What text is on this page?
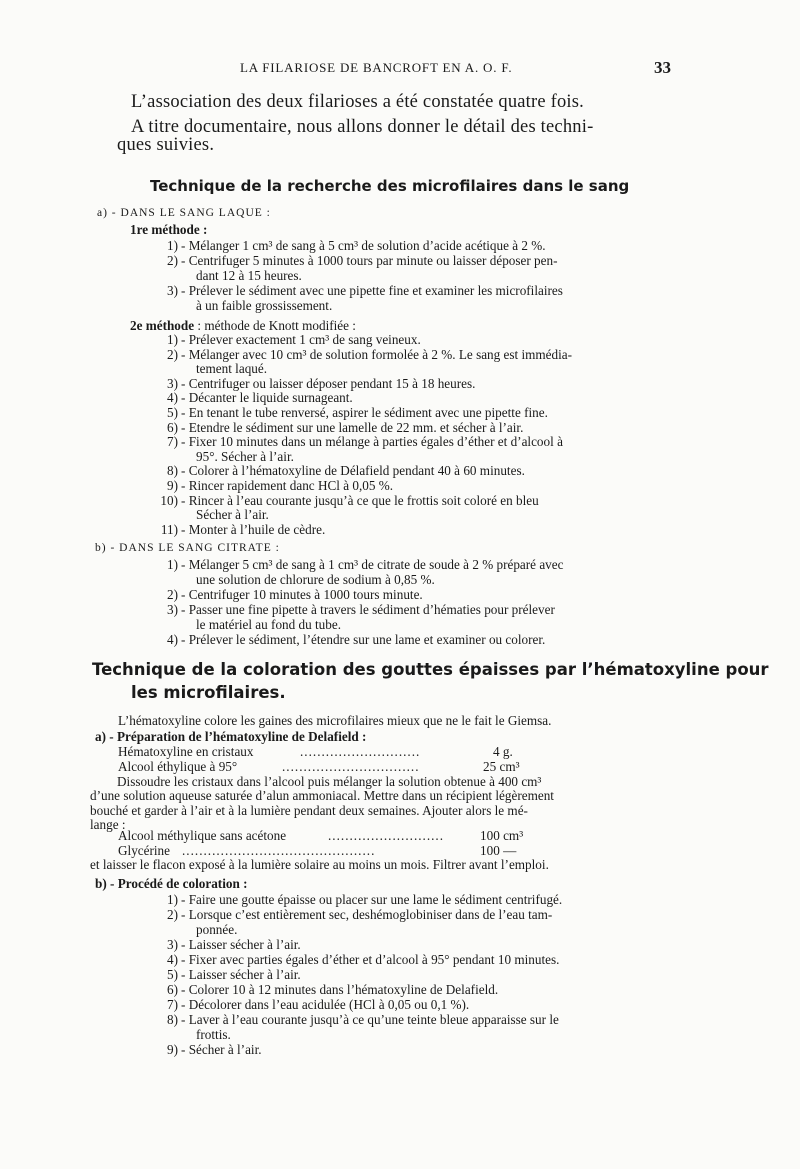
LA FILARIOSE DE BANCROFT EN A. O. F.	33
L’association des deux filarioses a été constatée quatre fois.
A titre documentaire, nous allons donner le détail des techni-
ques suivies.
Technique de la recherche des microfilaires dans le sang
a) - DANS LE SANG LAQUE :
1re méthode :
1) - Mélanger 1 cm³ de sang à 5 cm³ de solution d’acide acétique à 2 %.
2) - Centrifuger 5 minutes à 1000 tours par minute ou laisser déposer pen-
dant 12 à 15 heures.
3) - Prélever le sédiment avec une pipette fine et examiner les microfilaires
à un faible grossissement.
2e méthode : méthode de Knott modifiée :
1) - Prélever exactement 1 cm³ de sang veineux.
2) - Mélanger avec 10 cm³ de solution formolée à 2 %. Le sang est immédia-
tement laqué.
3) - Centrifuger ou laisser déposer pendant 15 à 18 heures.
4) - Décanter le liquide surnageant.
5) - En tenant le tube renversé, aspirer le sédiment avec une pipette fine.
6) - Etendre le sédiment sur une lamelle de 22 mm. et sécher à l’air.
7) - Fixer 10 minutes dans un mélange à parties égales d’éther et d’alcool à
95°. Sécher à l’air.
8) - Colorer à l’hématoxyline de Délafield pendant 40 à 60 minutes.
9) - Rincer rapidement danc HCl à 0,05 %.
10) - Rincer à l’eau courante jusqu’à ce que le frottis soit coloré en bleu
Sécher à l’air.
11) - Monter à l’huile de cèdre.
b) - DANS LE SANG CITRATE :
1) - Mélanger 5 cm³ de sang à 1 cm³ de citrate de soude à 2 % préparé avec
une solution de chlorure de sodium à 0,85 %.
2) - Centrifuger 10 minutes à 1000 tours minute.
3) - Passer une fine pipette à travers le sédiment d’hématies pour prélever
le matériel au fond du tube.
4) - Prélever le sédiment, l’étendre sur une lame et examiner ou colorer.
Technique de la coloration des gouttes épaisses par l’hématoxyline pour
les microfilaires.
L’hématoxyline colore les gaines des microfilaires mieux que ne le fait le Giemsa.
a) - Préparation de l’hématoxyline de Delafield :
Hématoxyline en cristaux	............................	4 g.
Alcool éthylique à 95°	................................	25 cm³
Dissoudre les cristaux dans l’alcool puis mélanger la solution obtenue à 400 cm³
d’une solution aqueuse saturée d’alun ammoniacal. Mettre dans un récipient légèrement
bouché et garder à l’air et à la lumière pendant deux semaines. Ajouter alors le mé-
lange :
Alcool méthylique sans acétone	...........................	100 cm³
Glycérine .............................................	100 —
et laisser le flacon exposé à la lumière solaire au moins un mois. Filtrer avant l’emploi.
b) - Procédé de coloration :
1) - Faire une goutte épaisse ou placer sur une lame le sédiment centrifugé.
2) - Lorsque c’est entièrement sec, deshémoglobiniser dans de l’eau tam-
ponnée.
3) - Laisser sécher à l’air.
4) - Fixer avec parties égales d’éther et d’alcool à 95° pendant 10 minutes.
5) - Laisser sécher à l’air.
6) - Colorer 10 à 12 minutes dans l’hématoxyline de Delafield.
7) - Décolorer dans l’eau acidulée (HCl à 0,05 ou 0,1 %).
8) - Laver à l’eau courante jusqu’à ce qu’une teinte bleue apparaisse sur le
frottis.
9) - Sécher à l’air.
